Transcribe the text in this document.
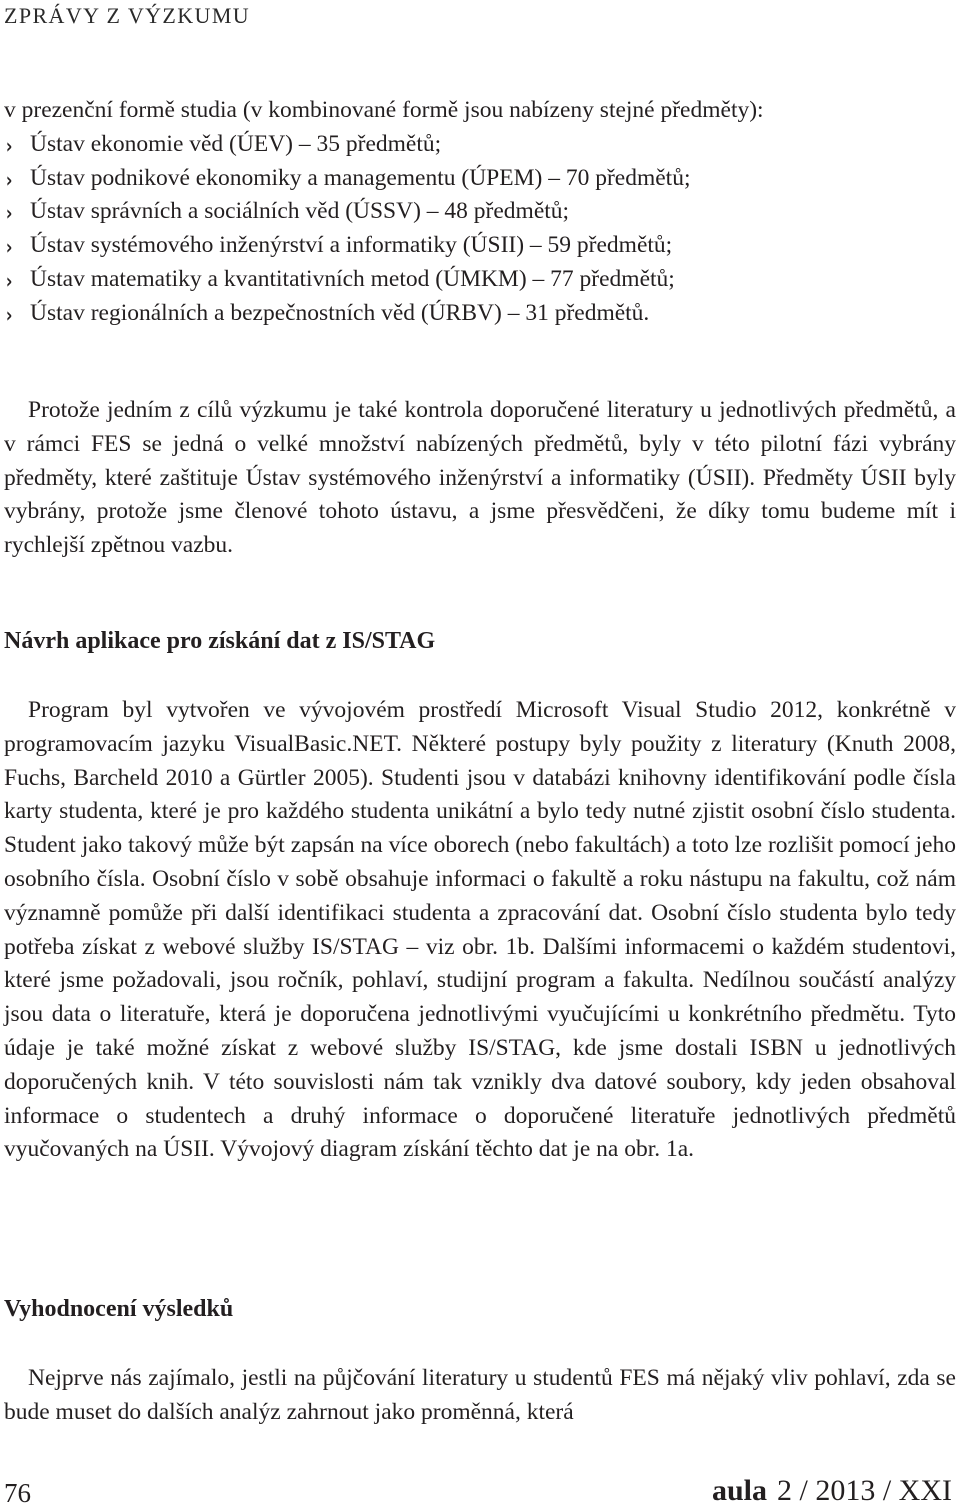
ZPRÁVY Z VÝZKUMU

v prezenční formě studia (v kombinované formě jsou nabízeny stejné předměty):

› Ústav ekonomie věd (ÚEV) – 35 předmětů;
› Ústav podnikové ekonomiky a managementu (ÚPEM) – 70 předmětů;
› Ústav správních a sociálních věd (ÚSSV) – 48 předmětů;
› Ústav systémového inženýrství a informatiky (ÚSII) – 59 předmětů;
› Ústav matematiky a kvantitativních metod (ÚMKM) – 77 předmětů;
› Ústav regionálních a bezpečnostních věd (ÚRBV) – 31 předmětů.

Protože jedním z cílů výzkumu je také kontrola doporučené literatury u jednotlivých předmětů, a v rámci FES se jedná o velké množství nabízených předmětů, byly v této pilotní fázi vybrány předměty, které zaštituje Ústav systémového inženýrství a informatiky (ÚSII). Předměty ÚSII byly vybrány, protože jsme členové tohoto ústavu, a jsme přesvědčeni, že díky tomu budeme mít i rychlejší zpětnou vazbu.

Návrh aplikace pro získání dat z IS/STAG

Program byl vytvořen ve vývojovém prostředí Microsoft Visual Studio 2012, konkrétně v programovacím jazyku VisualBasic.NET. Některé postupy byly použity z literatury (Knuth 2008, Fuchs, Barcheld 2010 a Gürtler 2005). Studenti jsou v databázi knihovny identifikování podle čísla karty studenta, které je pro každého studenta unikátní a bylo tedy nutné zjistit osobní číslo studenta. Student jako takový může být zapsán na více oborech (nebo fakultách) a toto lze rozlišit pomocí jeho osobního čísla. Osobní číslo v sobě obsahuje informaci o fakultě a roku nástupu na fakultu, což nám významně pomůže při další identifikaci studenta a zpracování dat. Osobní číslo studenta bylo tedy potřeba získat z webové služby IS/STAG – viz obr. 1b. Dalšími informacemi o každém studentovi, které jsme požadovali, jsou ročník, pohlaví, studijní program a fakulta. Nedílnou součástí analýzy jsou data o literatuře, která je doporučena jednotlivými vyučujícími u konkrétního předmětu. Tyto údaje je také možné získat z webové služby IS/STAG, kde jsme dostali ISBN u jednotlivých doporučených knih. V této souvislosti nám tak vznikly dva datové soubory, kdy jeden obsahoval informace o studentech a druhý informace o doporučené literatuře jednotlivých předmětů vyučovaných na ÚSII. Vývojový diagram získání těchto dat je na obr. 1a.

Vyhodnocení výsledků

Nejprve nás zajímalo, jestli na půjčování literatury u studentů FES má nějaký vliv pohlaví, zda se bude muset do dalších analýz zahrnout jako proměnná, která

76	aula 2 / 2013 / XXI
